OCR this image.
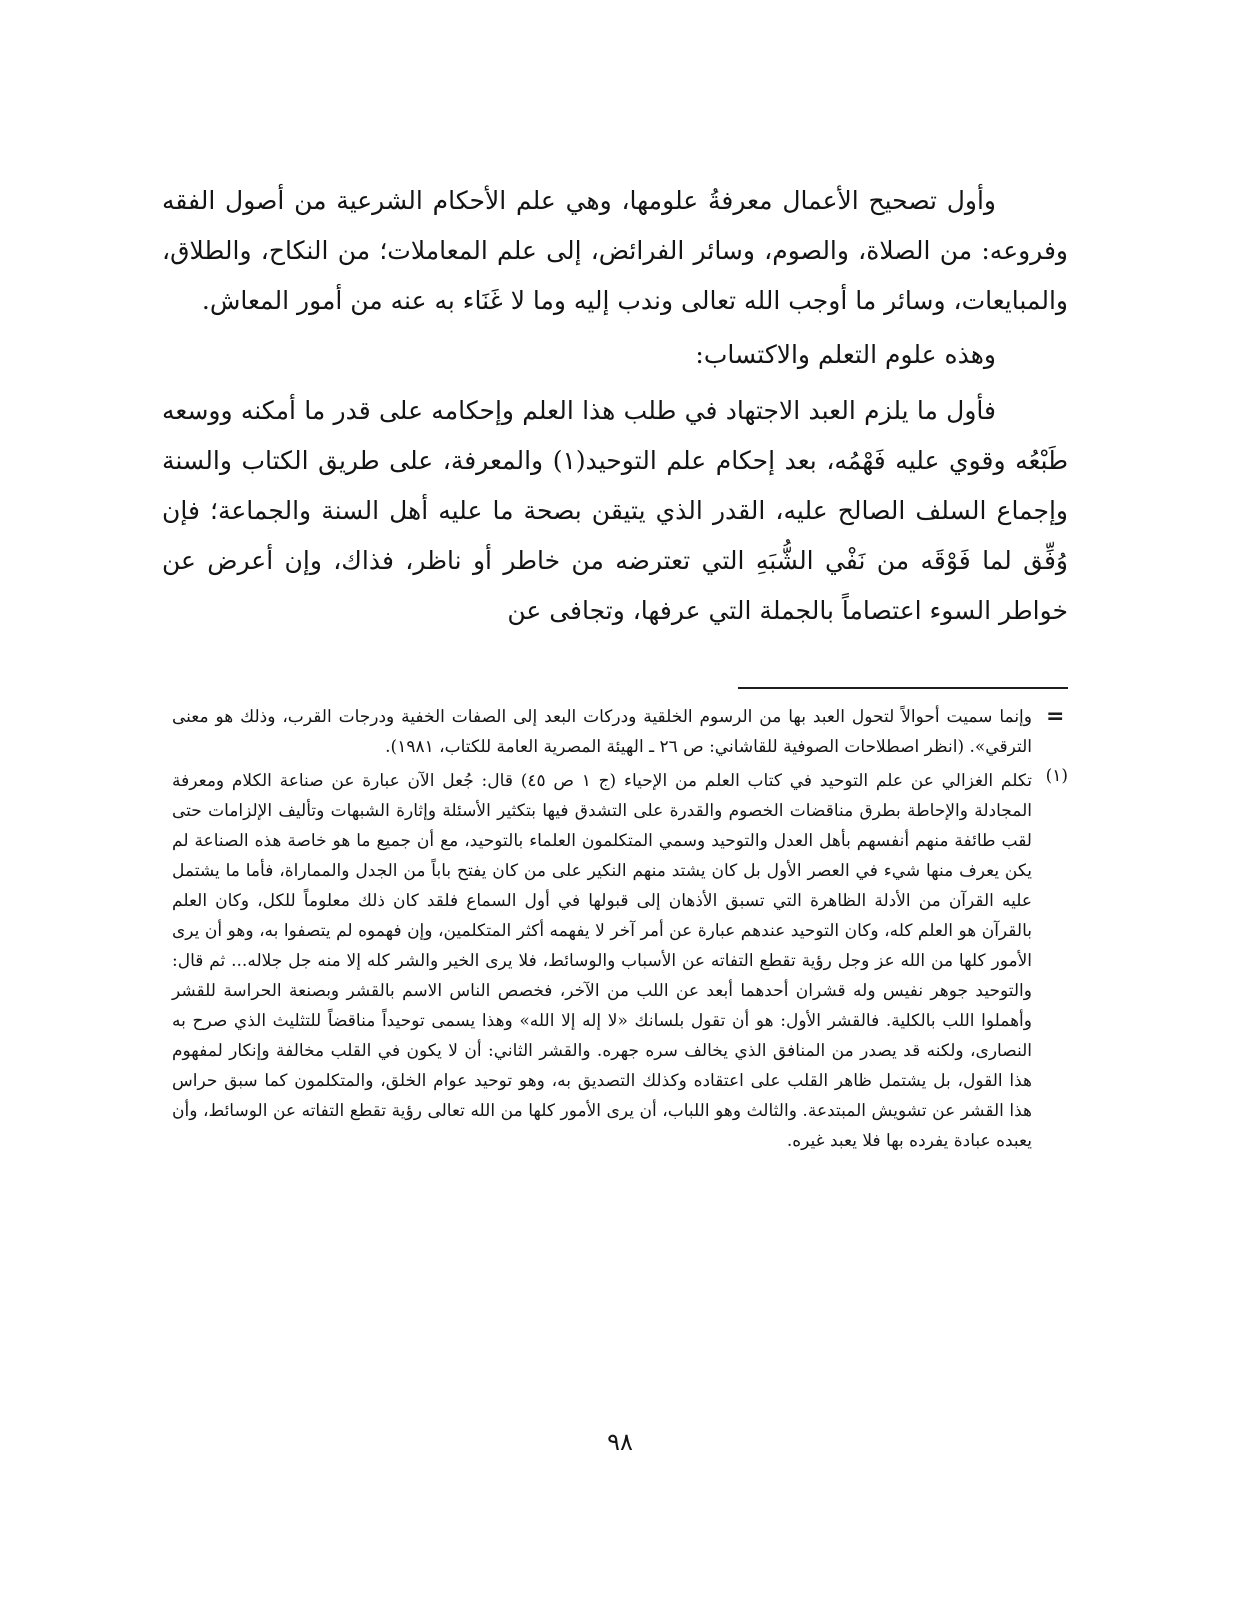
وأول تصحيح الأعمال معرفةُ علومها، وهي علم الأحكام الشرعية من أصول الفقه وفروعه: من الصلاة، والصوم، وسائر الفرائض، إلى علم المعاملات؛ من النكاح، والطلاق، والمبايعات، وسائر ما أوجب الله تعالى وندب إليه وما لا غَنَاء به عنه من أمور المعاش.

وهذه علوم التعلم والاكتساب:

فأول ما يلزم العبد الاجتهاد في طلب هذا العلم وإحكامه على قدر ما أمكنه ووسعه طَبْعُه وقوي عليه فَهْمُه، بعد إحكام علم التوحيد(١) والمعرفة، على طريق الكتاب والسنة وإجماع السلف الصالح عليه، القدر الذي يتيقن بصحة ما عليه أهل السنة والجماعة؛ فإن وُفِّق لما فَوْقَه من نَفْي الشُّبَهِ التي تعترضه من خاطر أو ناظر، فذاك، وإن أعرض عن خواطر السوء اعتصاماً بالجملة التي عرفها، وتجافى عن

=

وإنما سميت أحوالاً لتحول العبد بها من الرسوم الخلقية ودركات البعد إلى الصفات الخفية ودرجات القرب، وذلك هو معنى الترقي». (انظر اصطلاحات الصوفية للقاشاني: ص ٢٦ ـ الهيئة المصرية العامة للكتاب، ١٩٨١).

(١)

تكلم الغزالي عن علم التوحيد في كتاب العلم من الإحياء (ج ١ ص ٤٥) قال: جُعل الآن عبارة عن صناعة الكلام ومعرفة المجادلة والإحاطة بطرق مناقضات الخصوم والقدرة على التشدق فيها بتكثير الأسئلة وإثارة الشبهات وتأليف الإلزامات حتى لقب طائفة منهم أنفسهم بأهل العدل والتوحيد وسمي المتكلمون العلماء بالتوحيد، مع أن جميع ما هو خاصة هذه الصناعة لم يكن يعرف منها شيء في العصر الأول بل كان يشتد منهم النكير على من كان يفتح باباً من الجدل والمماراة، فأما ما يشتمل عليه القرآن من الأدلة الظاهرة التي تسبق الأذهان إلى قبولها في أول السماع فلقد كان ذلك معلوماً للكل، وكان العلم بالقرآن هو العلم كله، وكان التوحيد عندهم عبارة عن أمر آخر لا يفهمه أكثر المتكلمين، وإن فهموه لم يتصفوا به، وهو أن يرى الأمور كلها من الله عز وجل رؤية تقطع التفاته عن الأسباب والوسائط، فلا يرى الخير والشر كله إلا منه جل جلاله... ثم قال: والتوحيد جوهر نفيس وله قشران أحدهما أبعد عن اللب من الآخر، فخصص الناس الاسم بالقشر وبصنعة الحراسة للقشر وأهملوا اللب بالكلية. فالقشر الأول: هو أن تقول بلسانك «لا إله إلا الله» وهذا يسمى توحيداً مناقضاً للتثليث الذي صرح به النصارى، ولكنه قد يصدر من المنافق الذي يخالف سره جهره. والقشر الثاني: أن لا يكون في القلب مخالفة وإنكار لمفهوم هذا القول، بل يشتمل ظاهر القلب على اعتقاده وكذلك التصديق به، وهو توحيد عوام الخلق، والمتكلمون كما سبق حراس هذا القشر عن تشويش المبتدعة. والثالث وهو اللباب، أن يرى الأمور كلها من الله تعالى رؤية تقطع التفاته عن الوسائط، وأن يعبده عبادة يفرده بها فلا يعبد غيره.

٩٨
